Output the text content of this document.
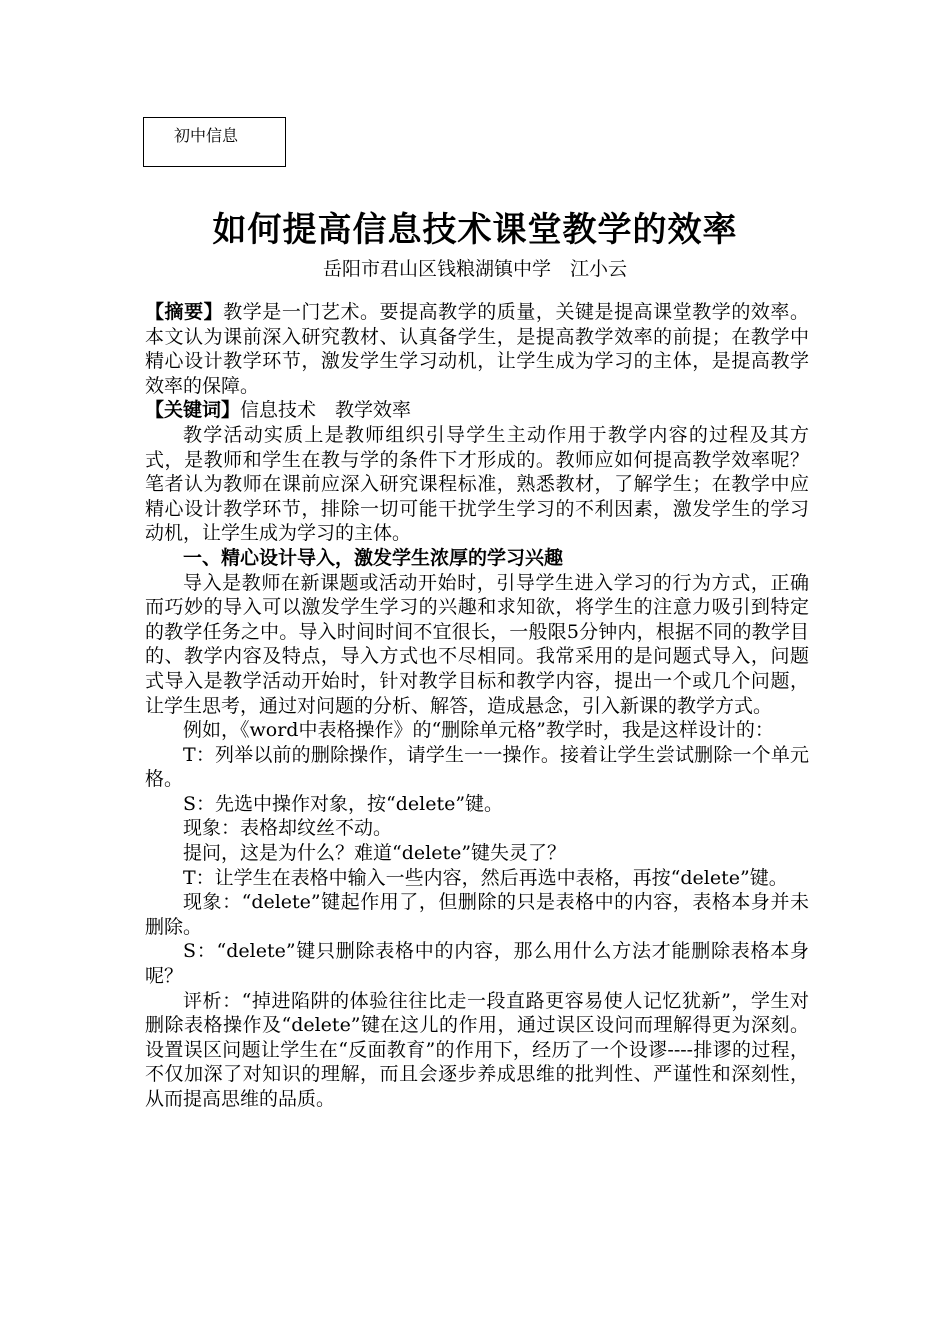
初中信息
如何提高信息技术课堂教学的效率
岳阳市君山区钱粮湖镇中学　江小云

【摘要】教学是一门艺术。要提高教学的质量，关键是提高课堂教学的效率。本文认为课前深入研究教材、认真备学生，是提高教学效率的前提；在教学中精心设计教学环节，激发学生学习动机，让学生成为学习的主体，是提高教学效率的保障。

【关键词】信息技术　教学效率

教学活动实质上是教师组织引导学生主动作用于教学内容的过程及其方式，是教师和学生在教与学的条件下才形成的。教师应如何提高教学效率呢？笔者认为教师在课前应深入研究课程标准，熟悉教材，了解学生；在教学中应精心设计教学环节，排除一切可能干扰学生学习的不利因素，激发学生的学习动机，让学生成为学习的主体。

一、精心设计导入，激发学生浓厚的学习兴趣

导入是教师在新课题或活动开始时，引导学生进入学习的行为方式，正确而巧妙的导入可以激发学生学习的兴趣和求知欲，将学生的注意力吸引到特定的教学任务之中。导入时间时间不宜很长，一般限5分钟内，根据不同的教学目的、教学内容及特点，导入方式也不尽相同。我常采用的是问题式导入，问题式导入是教学活动开始时，针对教学目标和教学内容，提出一个或几个问题，让学生思考，通过对问题的分析、解答，造成悬念，引入新课的教学方式。

例如，《word中表格操作》的“删除单元格”教学时，我是这样设计的：

T：列举以前的删除操作，请学生一一操作。接着让学生尝试删除一个单元格。

S：先选中操作对象，按“delete”键。

现象：表格却纹丝不动。

提问，这是为什么？难道“delete”键失灵了？

T：让学生在表格中输入一些内容，然后再选中表格，再按“delete”键。

现象：“delete”键起作用了，但删除的只是表格中的内容，表格本身并未删除。

S：“delete”键只删除表格中的内容，那么用什么方法才能删除表格本身呢？

评析：“掉进陷阱的体验往往比走一段直路更容易使人记忆犹新”，学生对删除表格操作及“delete”键在这儿的作用，通过误区设问而理解得更为深刻。设置误区问题让学生在“反面教育”的作用下，经历了一个设谬----排谬的过程，不仅加深了对知识的理解，而且会逐步养成思维的批判性、严谨性和深刻性，从而提高思维的品质。
